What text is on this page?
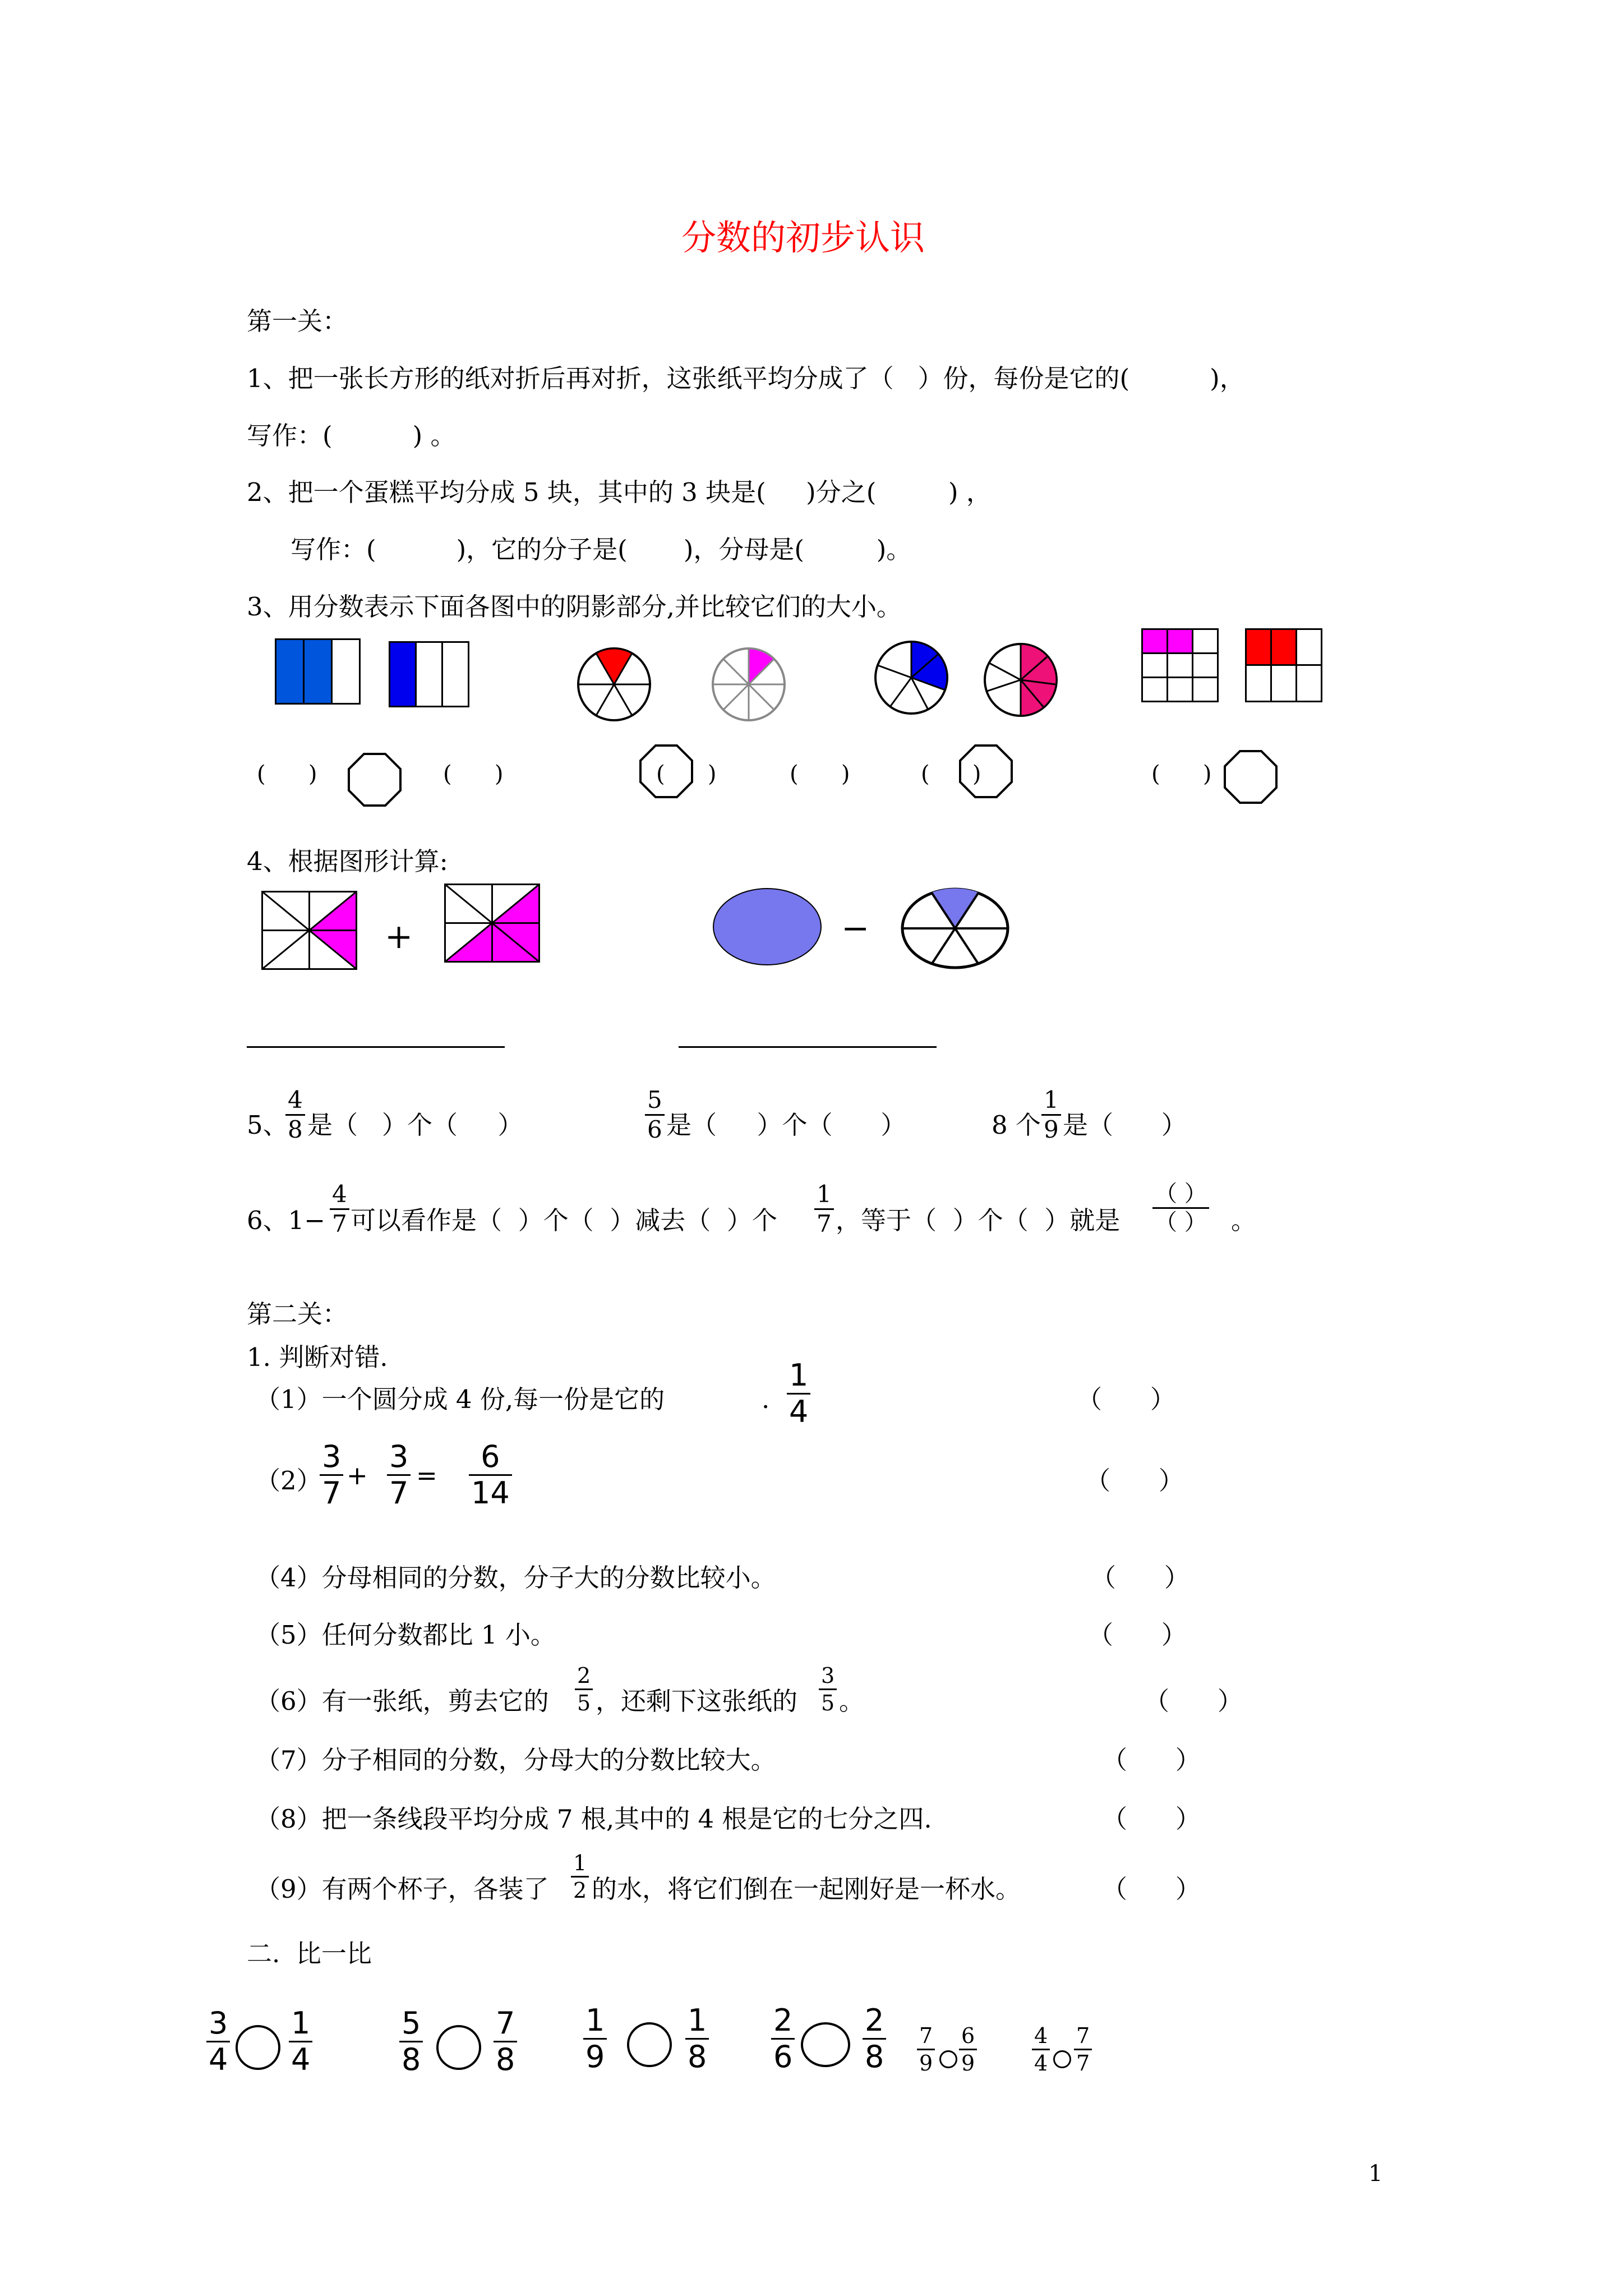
分数的初步认识
第一关：
1、把一张长方形的纸对折后再对折，这张纸平均分成了（   ）份，每份是它的(          )，
写作：(          ) 。
2、把一个蛋糕平均分成 5 块，其中的 3 块是(     )分之(         ) ，
写作：(          )，它的分子是(       )，分母是(         )。
3、用分数表示下面各图中的阴影部分,并比较它们的大小。
(      )	(      )	(      )	(      )	(      )	(      )
4、根据图形计算:
+	−
5、
4
8 是（   ）个（     ）
5
6 是（     ）个（      ）	8 个
1
9 是（      ）
6、1−
4
7 可以看作是（  ）个（  ）减去（  ）个
1
7 ，等于（  ）个（  ）就是
（ ）
（ ） 。
第二关：
1. 判断对错.
（1）一个圆分成 4 份,每一份是它的	.
1
4	（      ）
（2）
3
7 +
3
7 =
6
14	（      ）
（4）分母相同的分数，分子大的分数比较小。	（      ）
（5）任何分数都比 1 小。	（      ）
（6）有一张纸，剪去它的
2
5 ，还剩下这张纸的
3
5 。	（      ）
（7）分子相同的分数，分母大的分数比较大。	（      ）
（8）把一条线段平均分成 7 根,其中的 4 根是它的七分之四.	（      ）
（9）有两个杯子，各装了
1
2 的水，将它们倒在一起刚好是一杯水。	（      ）
二.  比一比
3
4
1
4
5
8
7
8
1
9
1
8
2
6
2
8
7
9
6
9
4
4
7
7
1
